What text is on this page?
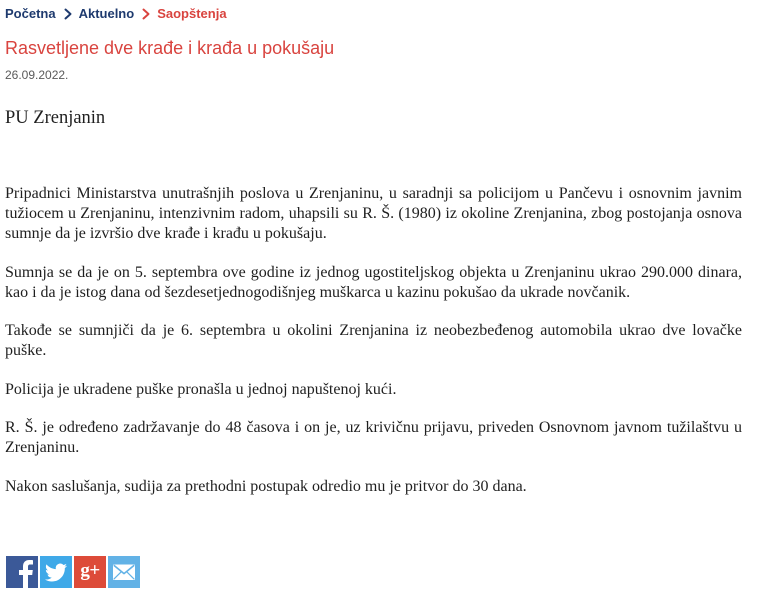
Početna Aktuelno Saopštenja
Rasvetljene dve krađe i krađa u pokušaju
26.09.2022.
PU Zrenjanin

Pripadnici Ministarstva unutrašnjih poslova u Zrenjaninu, u saradnji sa policijom u Pančevu i osnovnim javnim tužiocem u Zrenjaninu, intenzivnim radom, uhapsili su R. Š. (1980) iz okoline Zrenjanina, zbog postojanja osnova sumnje da je izvršio dve krađe i krađu u pokušaju.

Sumnja se da je on 5. septembra ove godine iz jednog ugostiteljskog objekta u Zrenjaninu ukrao 290.000 dinara, kao i da je istog dana od šezdesetjednogodišnjeg muškarca u kazinu pokušao da ukrade novčanik.

Takođe se sumnjiči da je 6. septembra u okolini Zrenjanina iz neobezbeđenog automobila ukrao dve lovačke puške.

Policija je ukradene puške pronašla u jednoj napuštenoj kući.

R. Š. je određeno zadržavanje do 48 časova i on je, uz krivičnu prijavu, priveden Osnovnom javnom tužilaštvu u Zrenjaninu.

Nakon saslušanja, sudija za prethodni postupak odredio mu je pritvor do 30 dana.

g+
